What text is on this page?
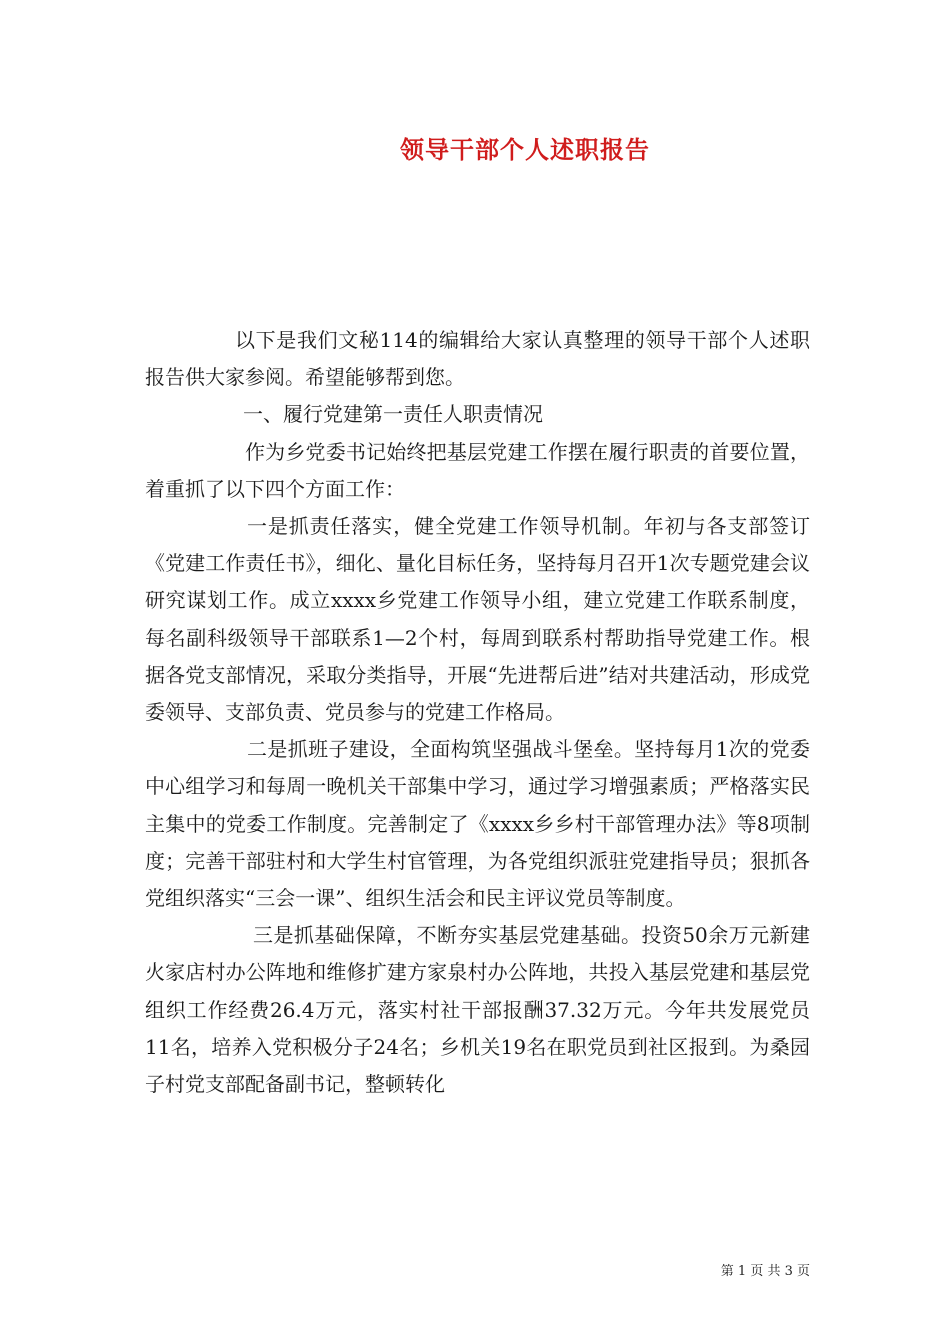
领导干部个人述职报告

以下是我们文秘114的编辑给大家认真整理的领导干部个人述职报告供大家参阅。希望能够帮到您。

一、履行党建第一责任人职责情况

作为乡党委书记始终把基层党建工作摆在履行职责的首要位置，着重抓了以下四个方面工作：

一是抓责任落实，健全党建工作领导机制。年初与各支部签订《党建工作责任书》，细化、量化目标任务，坚持每月召开1次专题党建会议研究谋划工作。成立xxxx乡党建工作领导小组，建立党建工作联系制度，每名副科级领导干部联系1—2个村，每周到联系村帮助指导党建工作。根据各党支部情况，采取分类指导，开展“先进帮后进”结对共建活动，形成党委领导、支部负责、党员参与的党建工作格局。

二是抓班子建设，全面构筑坚强战斗堡垒。坚持每月1次的党委中心组学习和每周一晚机关干部集中学习，通过学习增强素质；严格落实民主集中的党委工作制度。完善制定了《xxxx乡乡村干部管理办法》等8项制度；完善干部驻村和大学生村官管理，为各党组织派驻党建指导员；狠抓各党组织落实“三会一课”、组织生活会和民主评议党员等制度。

三是抓基础保障，不断夯实基层党建基础。投资50余万元新建火家店村办公阵地和维修扩建方家泉村办公阵地，共投入基层党建和基层党组织工作经费26.4万元，落实村社干部报酬37.32万元。今年共发展党员11名，培养入党积极分子24名；乡机关19名在职党员到社区报到。为桑园子村党支部配备副书记，整顿转化

第 1 页 共 3 页
